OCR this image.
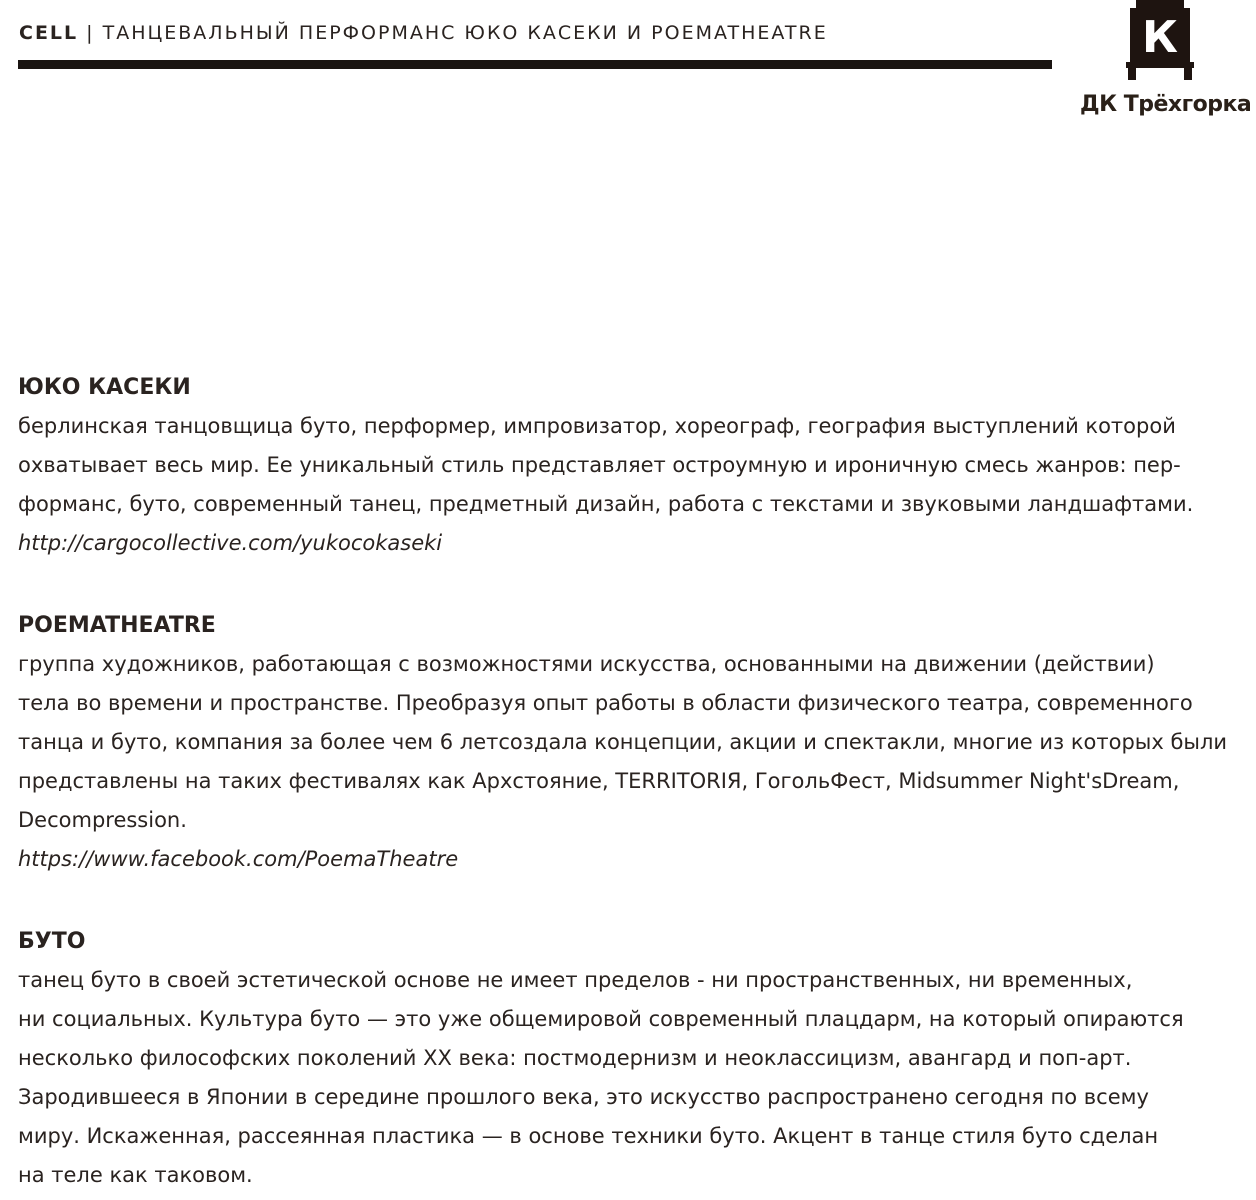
CELL | ТАНЦЕВАЛЬНЫЙ ПЕРФОРМАНС ЮКО КАСЕКИ И POEMATHEATRE	К
ДК Трёхгорка
ЮКО КАСЕКИ
берлинская танцовщица буто, перформер, импровизатор, хореограф, география выступлений которой
охватывает весь мир. Ее уникальный стиль представляет остроумную и ироничную смесь жанров: пер-
форманс, буто, современный танец, предметный дизайн, работа с текстами и звуковыми ландшафтами.
http://cargocollective.com/yukocokaseki
POEMATHEATRE
группа художников, работающая с возможностями искусства, основанными на движении (действии)
тела во времени и пространстве. Преобразуя опыт работы в области физического театра, современного
танца и буто, компания за более чем 6 летсоздала концепции, акции и спектакли, многие из которых были
представлены на таких фестивалях как Архстояние, TERRITORIЯ, ГогольФест, Midsummer Night'sDream,
Decompression.
https://www.facebook.com/PoemaTheatre
БУТО
танец буто в своей эстетической основе не имеет пределов - ни пространственных, ни временных,
ни социальных. Культура буто — это уже общемировой современный плацдарм, на который опираются
несколько философских поколений XX века: постмодернизм и неоклассицизм, авангард и поп-арт.
Зародившееся в Японии в середине прошлого века, это искусство распространено сегодня по всему
миру. Искаженная, рассеянная пластика — в основе техники буто. Акцент в танце стиля буто сделан
на теле как таковом.
